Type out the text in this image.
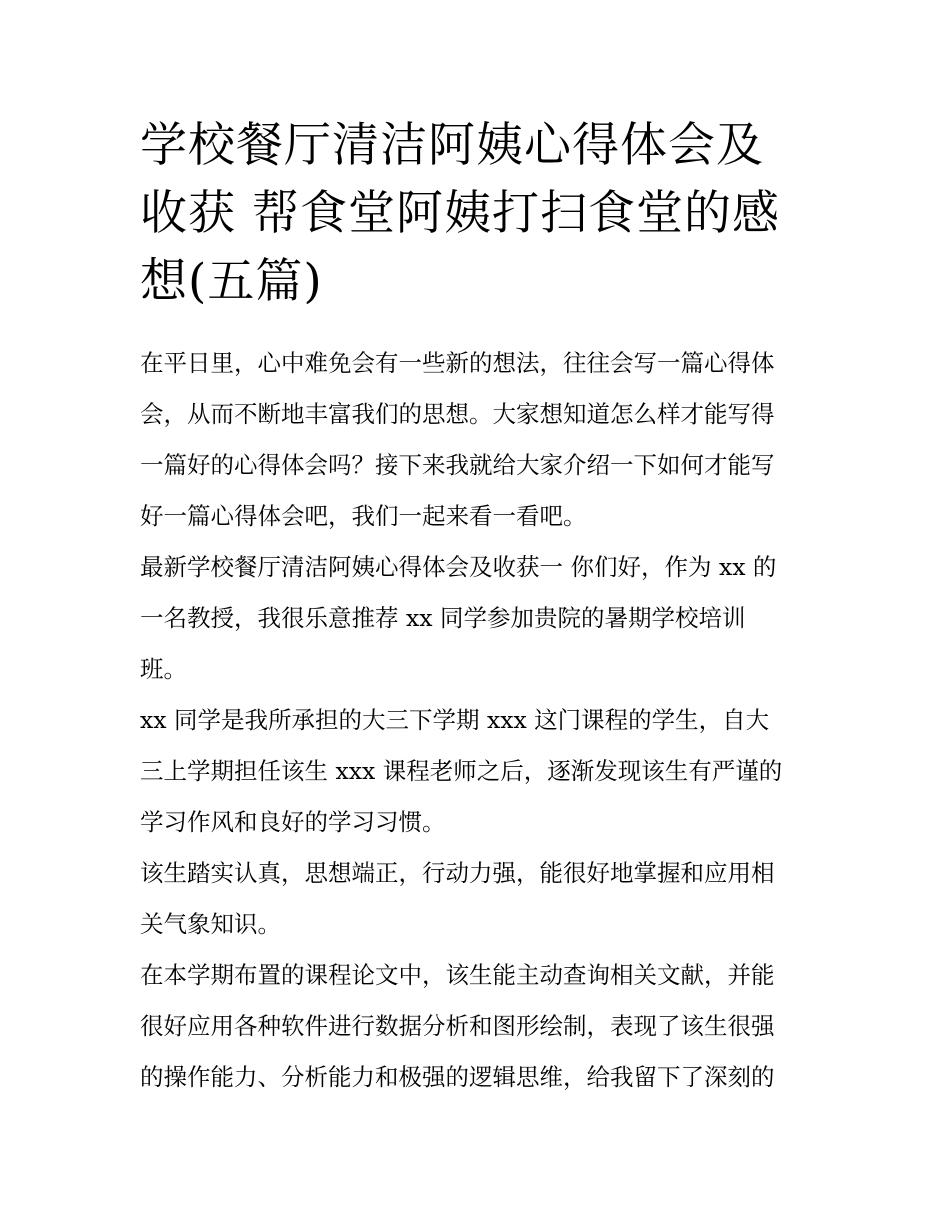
学校餐厅清洁阿姨心得体会及
收获 帮食堂阿姨打扫食堂的感
想(五篇)

在平日里，心中难免会有一些新的想法，往往会写一篇心得体
会，从而不断地丰富我们的思想。大家想知道怎么样才能写得
一篇好的心得体会吗？接下来我就给大家介绍一下如何才能写
好一篇心得体会吧，我们一起来看一看吧。

最新学校餐厅清洁阿姨心得体会及收获一 你们好，作为 xx 的
一名教授，我很乐意推荐 xx 同学参加贵院的暑期学校培训
班。

xx 同学是我所承担的大三下学期 xxx 这门课程的学生，自大
三上学期担任该生 xxx 课程老师之后，逐渐发现该生有严谨的
学习作风和良好的学习习惯。

该生踏实认真，思想端正，行动力强，能很好地掌握和应用相
关气象知识。

在本学期布置的课程论文中，该生能主动查询相关文献，并能
很好应用各种软件进行数据分析和图形绘制，表现了该生很强
的操作能力、分析能力和极强的逻辑思维，给我留下了深刻的
